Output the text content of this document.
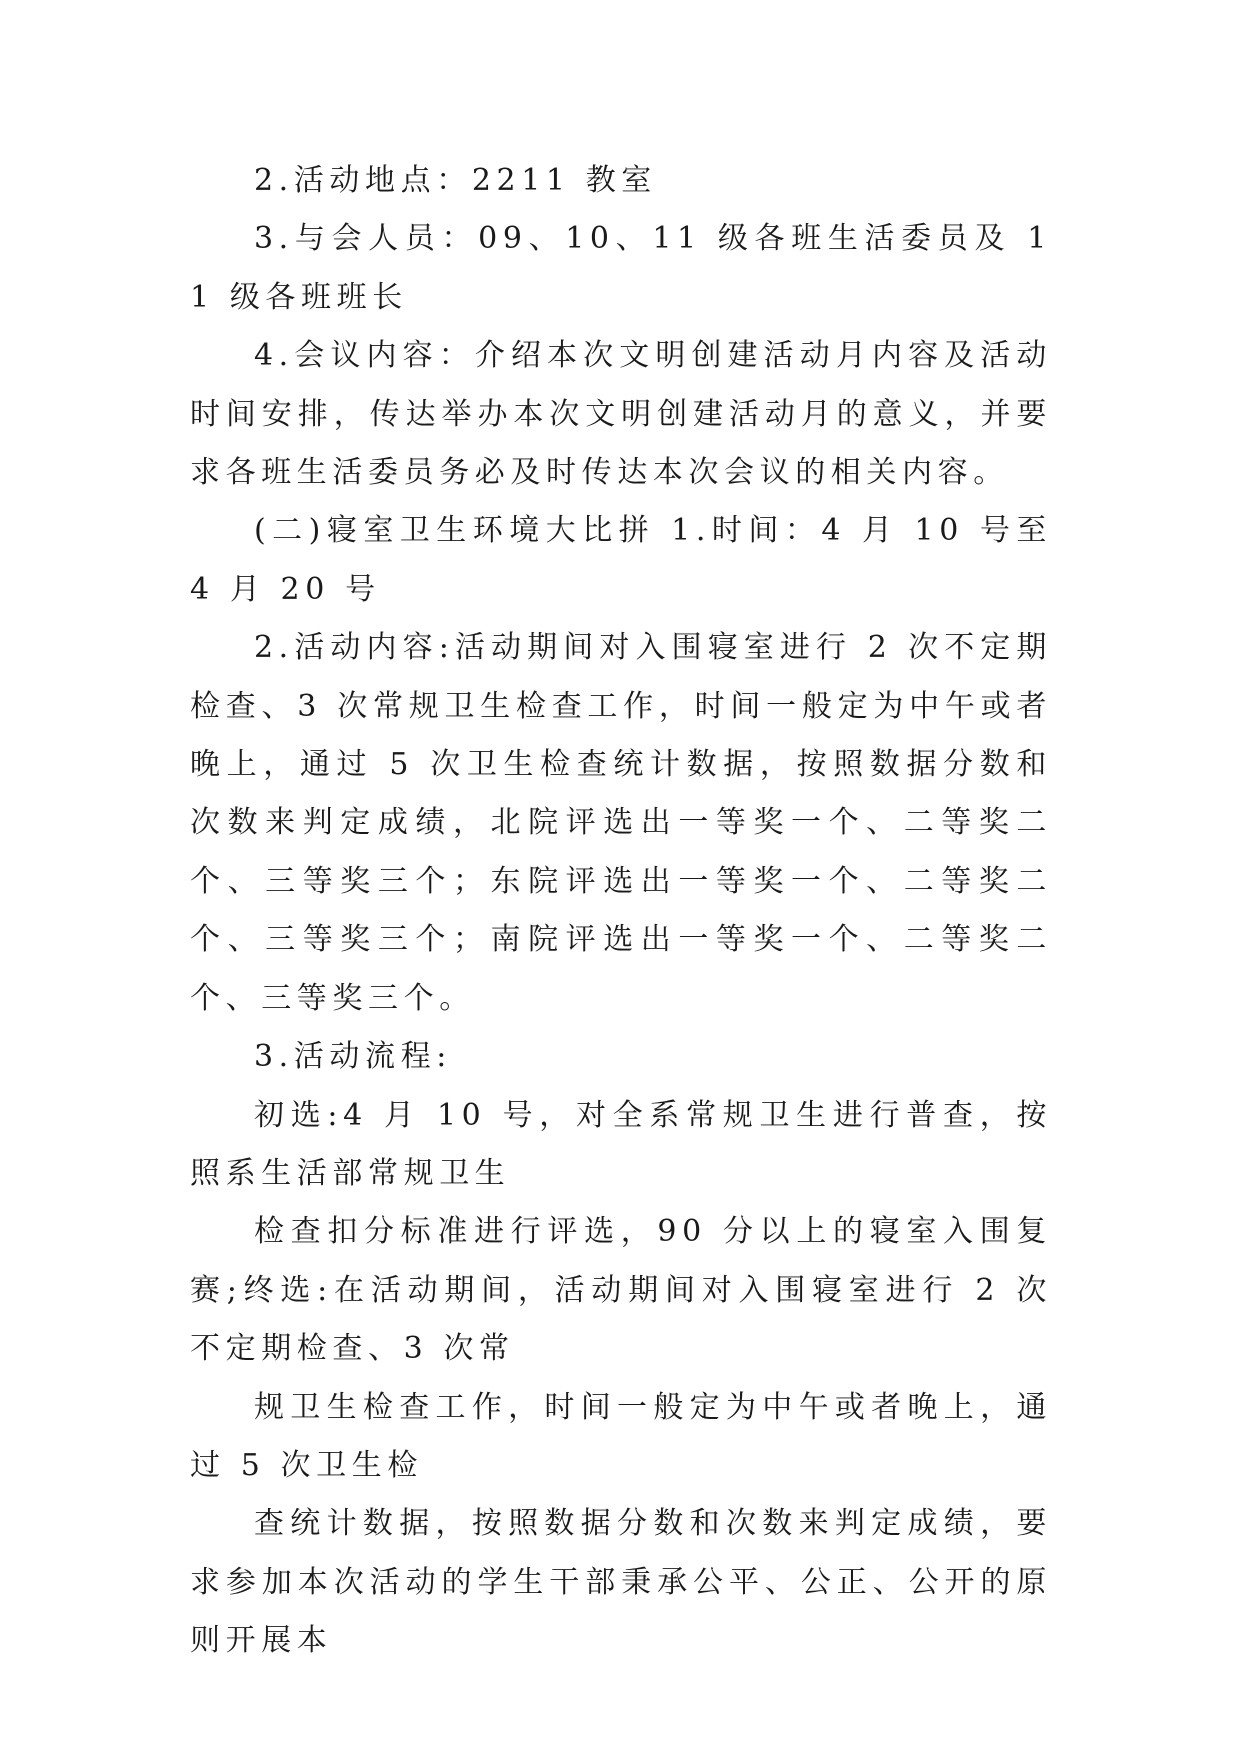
2.活动地点：2211 教室

3.与会人员：09、10、11 级各班生活委员及 11 级各班班长

4.会议内容：介绍本次文明创建活动月内容及活动时间安排，传达举办本次文明创建活动月的意义，并要求各班生活委员务必及时传达本次会议的相关内容。

(二)寝室卫生环境大比拼 1.时间：4 月 10 号至 4 月 20 号

2.活动内容:活动期间对入围寝室进行 2 次不定期检查、3 次常规卫生检查工作，时间一般定为中午或者晚上，通过 5 次卫生检查统计数据，按照数据分数和次数来判定成绩，北院评选出一等奖一个、二等奖二个、三等奖三个；东院评选出一等奖一个、二等奖二个、三等奖三个；南院评选出一等奖一个、二等奖二个、三等奖三个。

3.活动流程:

初选:4 月 10 号，对全系常规卫生进行普查，按照系生活部常规卫生

检查扣分标准进行评选，90 分以上的寝室入围复赛;终选:在活动期间，活动期间对入围寝室进行 2 次不定期检查、3 次常

规卫生检查工作，时间一般定为中午或者晚上，通过 5 次卫生检

查统计数据，按照数据分数和次数来判定成绩，要求参加本次活动的学生干部秉承公平、公正、公开的原则开展本
